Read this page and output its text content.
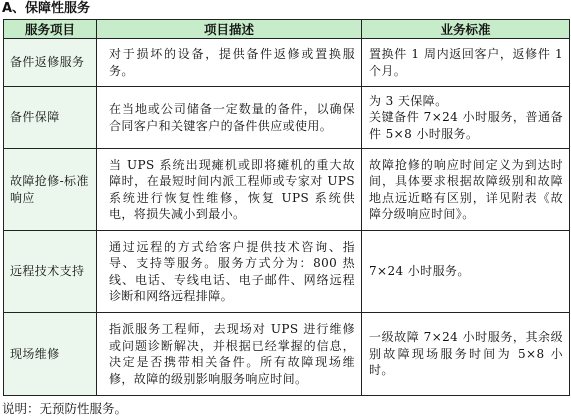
A、保障性服务
服务项目	项目描述	业务标准

备件返修服务	对于损坏的设备，提供备件返修或置换服务。	置换件 1 周内返回客户，返修件 1 个月。

备件保障	在当地或公司储备一定数量的备件，以确保合同客户和关键客户的备件供应或使用。	为 3 天保障。
关键备件 7×24 小时服务，普通备件 5×8 小时服务。

故障抢修-标准响应	当 UPS 系统出现瘫机或即将瘫机的重大故障时，在最短时间内派工程师或专家对 UPS 系统进行恢复性维修，恢复 UPS 系统供电，将损失减小到最小。	故障抢修的响应时间定义为到达时间，具体要求根据故障级别和故障地点远近略有区别，详见附表《故障分级响应时间》。

远程技术支持	通过远程的方式给客户提供技术咨询、指导、支持等服务。服务方式分为：800 热线、电话、专线电话、电子邮件、网络远程诊断和网络远程排障。	7×24 小时服务。

现场维修	指派服务工程师，去现场对 UPS 进行维修或问题诊断解决，并根据已经掌握的信息，决定是否携带相关备件。所有故障现场维修，故障的级别影响服务响应时间。	一级故障 7×24 小时服务，其余级别故障现场服务时间为 5×8 小时。
说明：无预防性服务。
